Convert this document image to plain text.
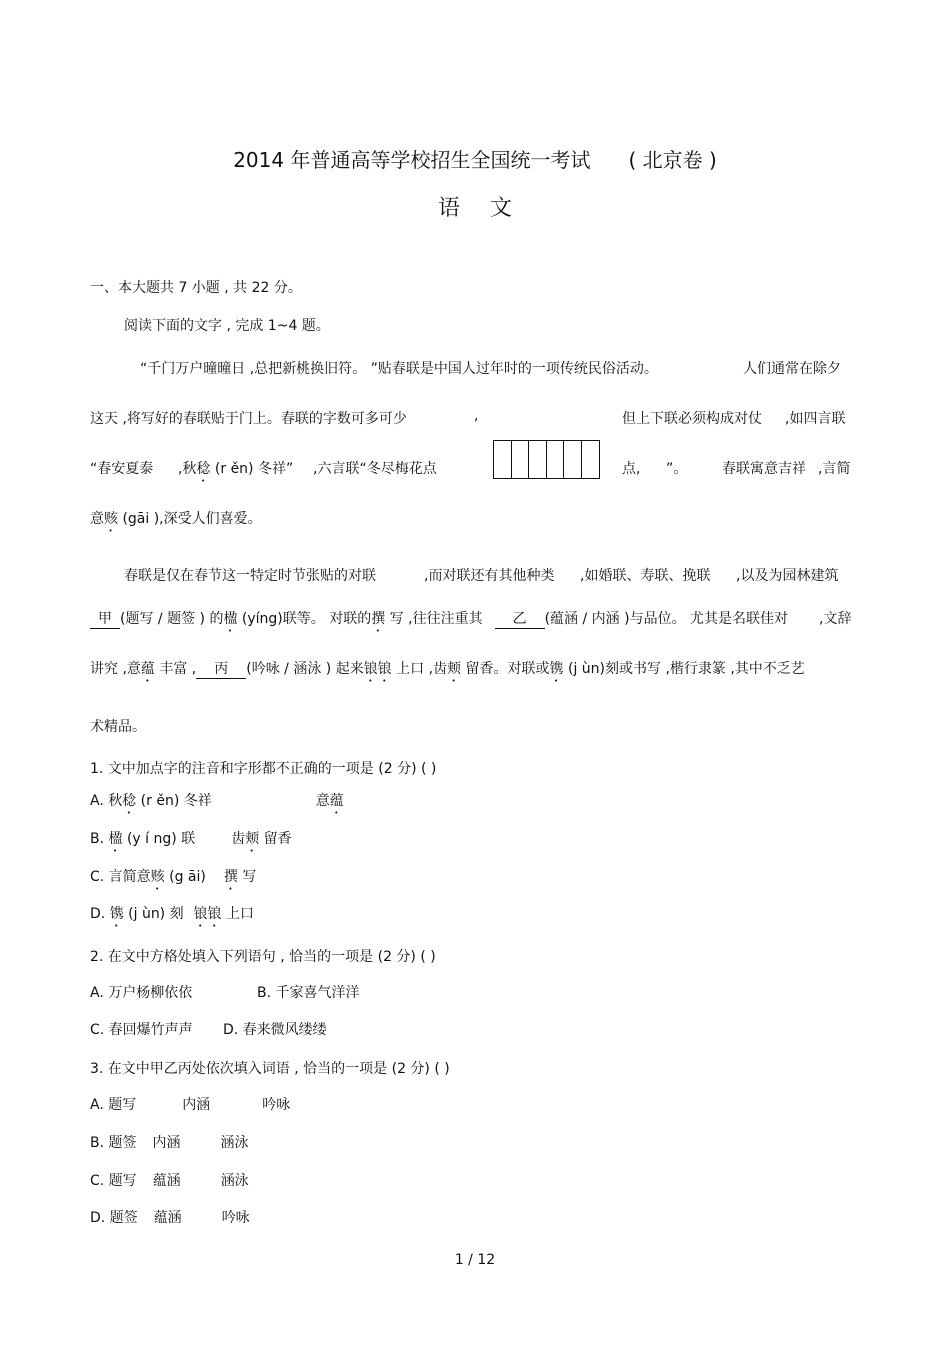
2014 年普通高等学校招生全国统一考试 ( 北京卷 )
语文
一、本大题共 7 小题 , 共 22 分。
阅读下面的文字 , 完成 1~4 题。
“千门万户曈曈日 ,总把新桃换旧符。 ”贴春联是中国人过年时的一项传统民俗活动。	人们通常在除夕
这天 ,将写好的春联贴于门上。春联的字数可多可少	,	但上下联必须构成对仗 ,如四言联
“春安夏泰 ,秋稔 (r ěn) 冬祥” ,六言联“冬尽梅花点	点, ”。 春联寓意吉祥 ,言简
意赅 (gāi ),深受人们喜爱。
春联是仅在春节这一特定时节张贴的对联	,而对联还有其他种类 ,如婚联、寿联、挽联 ,以及为园林建筑
甲 (题写 / 题签 ) 的楹 (yíng)联等。 对联的撰 写 ,往往注重其 乙 (蕴涵 / 内涵 )与品位。 尤其是名联佳对 ,文辞
讲究 ,意蕴 丰富 , 丙 (吟咏 / 涵泳 ) 起来锒锒 上口 ,齿颊 留香。对联或镌 (j ùn)刻或书写 ,楷行隶篆 ,其中不乏艺
术精品。
1. 文中加点字的注音和字形都不正确的一项是 (2 分) ( )
A. 秋稔 (r ěn) 冬祥	意蕴
B. 楹 (y í ng) 联	齿颊 留香
C. 言简意赅 (g āi) 撰 写
D. 镌 (j ùn) 刻 锒锒 上口
2. 在文中方格处填入下列语句 , 恰当的一项是 (2 分) ( )
A. 万户杨柳依依	B. 千家喜气洋洋
C. 春回爆竹声声 D. 春来微风缕缕
3. 在文中甲乙丙处依次填入词语 , 恰当的一项是 (2 分) ( )
A. 题写	内涵	吟咏
B. 题签 内涵	涵泳
C. 题写 蕴涵	涵泳
D. 题签 蕴涵	吟咏
1 / 12
